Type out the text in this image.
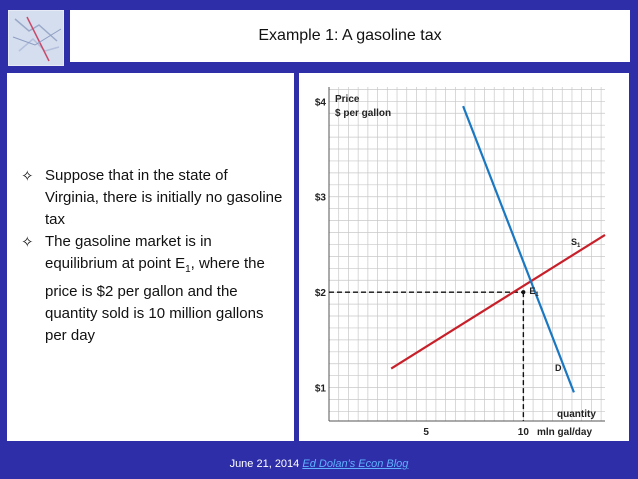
Example 1: A gasoline tax
✧ Suppose that in the state of Virginia, there is initially no gasoline tax
✧ The gasoline market is in equilibrium at point $E_1$, where the price is $2 per gallon and the quantity sold is 10 million gallons per day
Price
$ per gallon
quantity
mln gal/day
$1
$2
$3
$4
5	10
$S_1$
D
$E_1$
June 21, 2014 Ed Dolan's Econ Blog
